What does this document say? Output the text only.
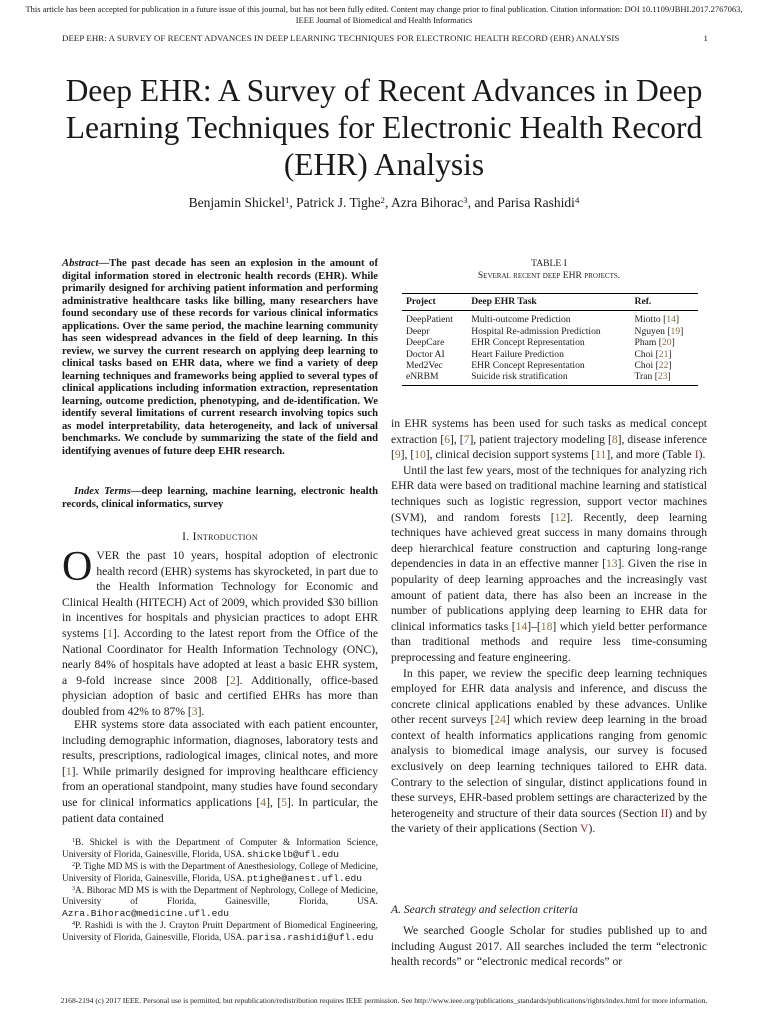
This article has been accepted for publication in a future issue of this journal, but has not been fully edited. Content may change prior to final publication. Citation information: DOI 10.1109/JBHI.2017.2767063, IEEE Journal of Biomedical and Health Informatics
DEEP EHR: A SURVEY OF RECENT ADVANCES IN DEEP LEARNING TECHNIQUES FOR ELECTRONIC HEALTH RECORD (EHR) ANALYSIS	1
Deep EHR: A Survey of Recent Advances in Deep Learning Techniques for Electronic Health Record (EHR) Analysis
Benjamin Shickel$^1$, Patrick J. Tighe$^2$, Azra Bihorac$^3$, and Parisa Rashidi$^4$
Abstract—The past decade has seen an explosion in the amount of digital information stored in electronic health records (EHR). While primarily designed for archiving patient information and performing administrative healthcare tasks like billing, many researchers have found secondary use of these records for various clinical informatics applications. Over the same period, the machine learning community has seen widespread advances in the field of deep learning. In this review, we survey the current research on applying deep learning to clinical tasks based on EHR data, where we find a variety of deep learning techniques and frameworks being applied to several types of clinical applications including information extraction, representation learning, outcome prediction, phenotyping, and de-identification. We identify several limitations of current research involving topics such as model interpretability, data heterogeneity, and lack of universal benchmarks. We conclude by summarizing the state of the field and identifying avenues of future deep EHR research.
Index Terms—deep learning, machine learning, electronic health records, clinical informatics, survey
I. Introduction
OVER the past 10 years, hospital adoption of electronic health record (EHR) systems has skyrocketed, in part due to the Health Information Technology for Economic and Clinical Health (HITECH) Act of 2009, which provided $30 billion in incentives for hospitals and physician practices to adopt EHR systems [1]. According to the latest report from the Office of the National Coordinator for Health Information Technology (ONC), nearly 84% of hospitals have adopted at least a basic EHR system, a 9-fold increase since 2008 [2]. Additionally, office-based physician adoption of basic and certified EHRs has more than doubled from 42% to 87% [3].

EHR systems store data associated with each patient encounter, including demographic information, diagnoses, laboratory tests and results, prescriptions, radiological images, clinical notes, and more [1]. While primarily designed for improving healthcare efficiency from an operational standpoint, many studies have found secondary use for clinical informatics applications [4], [5]. In particular, the patient data contained

$^1$B. Shickel is with the Department of Computer & Information Science, University of Florida, Gainesville, Florida, USA. shickelb@ufl.edu

$^2$P. Tighe MD MS is with the Department of Anesthesiology, College of Medicine, University of Florida, Gainesville, Florida, USA. ptighe@anest.ufl.edu

$^3$A. Bihorac MD MS is with the Department of Nephrology, College of Medicine, University of Florida, Gainesville, Florida, USA. Azra.Bihorac@medicine.ufl.edu

$^4$P. Rashidi is with the J. Crayton Pruitt Department of Biomedical Engineering, University of Florida, Gainesville, Florida, USA. parisa.rashidi@ufl.edu

TABLE I
Several recent deep EHR projects.
Project	Deep EHR Task	Ref.
DeepPatient	Multi-outcome Prediction	Miotto [14]
Deepr	Hospital Re-admission Prediction	Nguyen [19]
DeepCare	EHR Concept Representation	Pham [20]
Doctor AI	Heart Failure Prediction	Choi [21]
Med2Vec	EHR Concept Representation	Choi [22]
eNRBM	Suicide risk stratification	Tran [23]

in EHR systems has been used for such tasks as medical concept extraction [6], [7], patient trajectory modeling [8], disease inference [9], [10], clinical decision support systems [11], and more (Table I).

Until the last few years, most of the techniques for analyzing rich EHR data were based on traditional machine learning and statistical techniques such as logistic regression, support vector machines (SVM), and random forests [12]. Recently, deep learning techniques have achieved great success in many domains through deep hierarchical feature construction and capturing long-range dependencies in data in an effective manner [13]. Given the rise in popularity of deep learning approaches and the increasingly vast amount of patient data, there has also been an increase in the number of publications applying deep learning to EHR data for clinical informatics tasks [14]–[18] which yield better performance than traditional methods and require less time-consuming preprocessing and feature engineering.

In this paper, we review the specific deep learning techniques employed for EHR data analysis and inference, and discuss the concrete clinical applications enabled by these advances. Unlike other recent surveys [24] which review deep learning in the broad context of health informatics applications ranging from genomic analysis to biomedical image analysis, our survey is focused exclusively on deep learning techniques tailored to EHR data. Contrary to the selection of singular, distinct applications found in these surveys, EHR-based problem settings are characterized by the heterogeneity and structure of their data sources (Section II) and by the variety of their applications (Section V).

A. Search strategy and selection criteria

We searched Google Scholar for studies published up to and including August 2017. All searches included the term “electronic health records” or “electronic medical records” or

2168-2194 (c) 2017 IEEE. Personal use is permitted, but republication/redistribution requires IEEE permission. See http://www.ieee.org/publications_standards/publications/rights/index.html for more information.
